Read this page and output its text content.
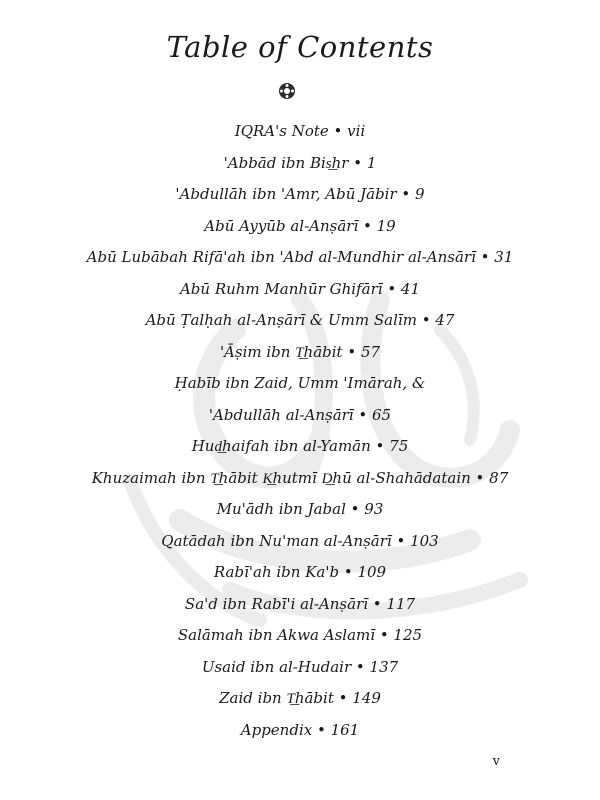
Table of Contents
IQRA's Note • vii
'Abbād ibn Bis͟hr • 1
'Abdullāh ibn 'Amr, Abū Jābir • 9
Abū Ayyūb al-Anṣārī • 19
Abū Lubābah Rifā'ah ibn 'Abd al-Mundhir al-Ansārī • 31
Abū Ruhm Manhūr Ghifārī • 41
Abū Ṭalḥah al-Anṣārī & Umm Salīm • 47
'Āṣim ibn T͟hābit • 57
Ḥabīb ibn Zaid, Umm 'Imārah, &
'Abdullāh al-Anṣārī • 65
Hud͟haifah ibn al-Yamān • 75
Khuzaimah ibn T͟hābit K͟hutmī D͟hū al-Shahādatain • 87
Mu'ādh ibn Jabal • 93
Qatādah ibn Nu'man al-Anṣārī • 103
Rabī'ah ibn Ka'b • 109
Sa'd ibn Rabī'i al-Anṣārī • 117
Salāmah ibn Akwa Aslamī • 125
Usaid ibn al-Hudair • 137
Zaid ibn T͟hābit • 149
Appendix • 161
v
